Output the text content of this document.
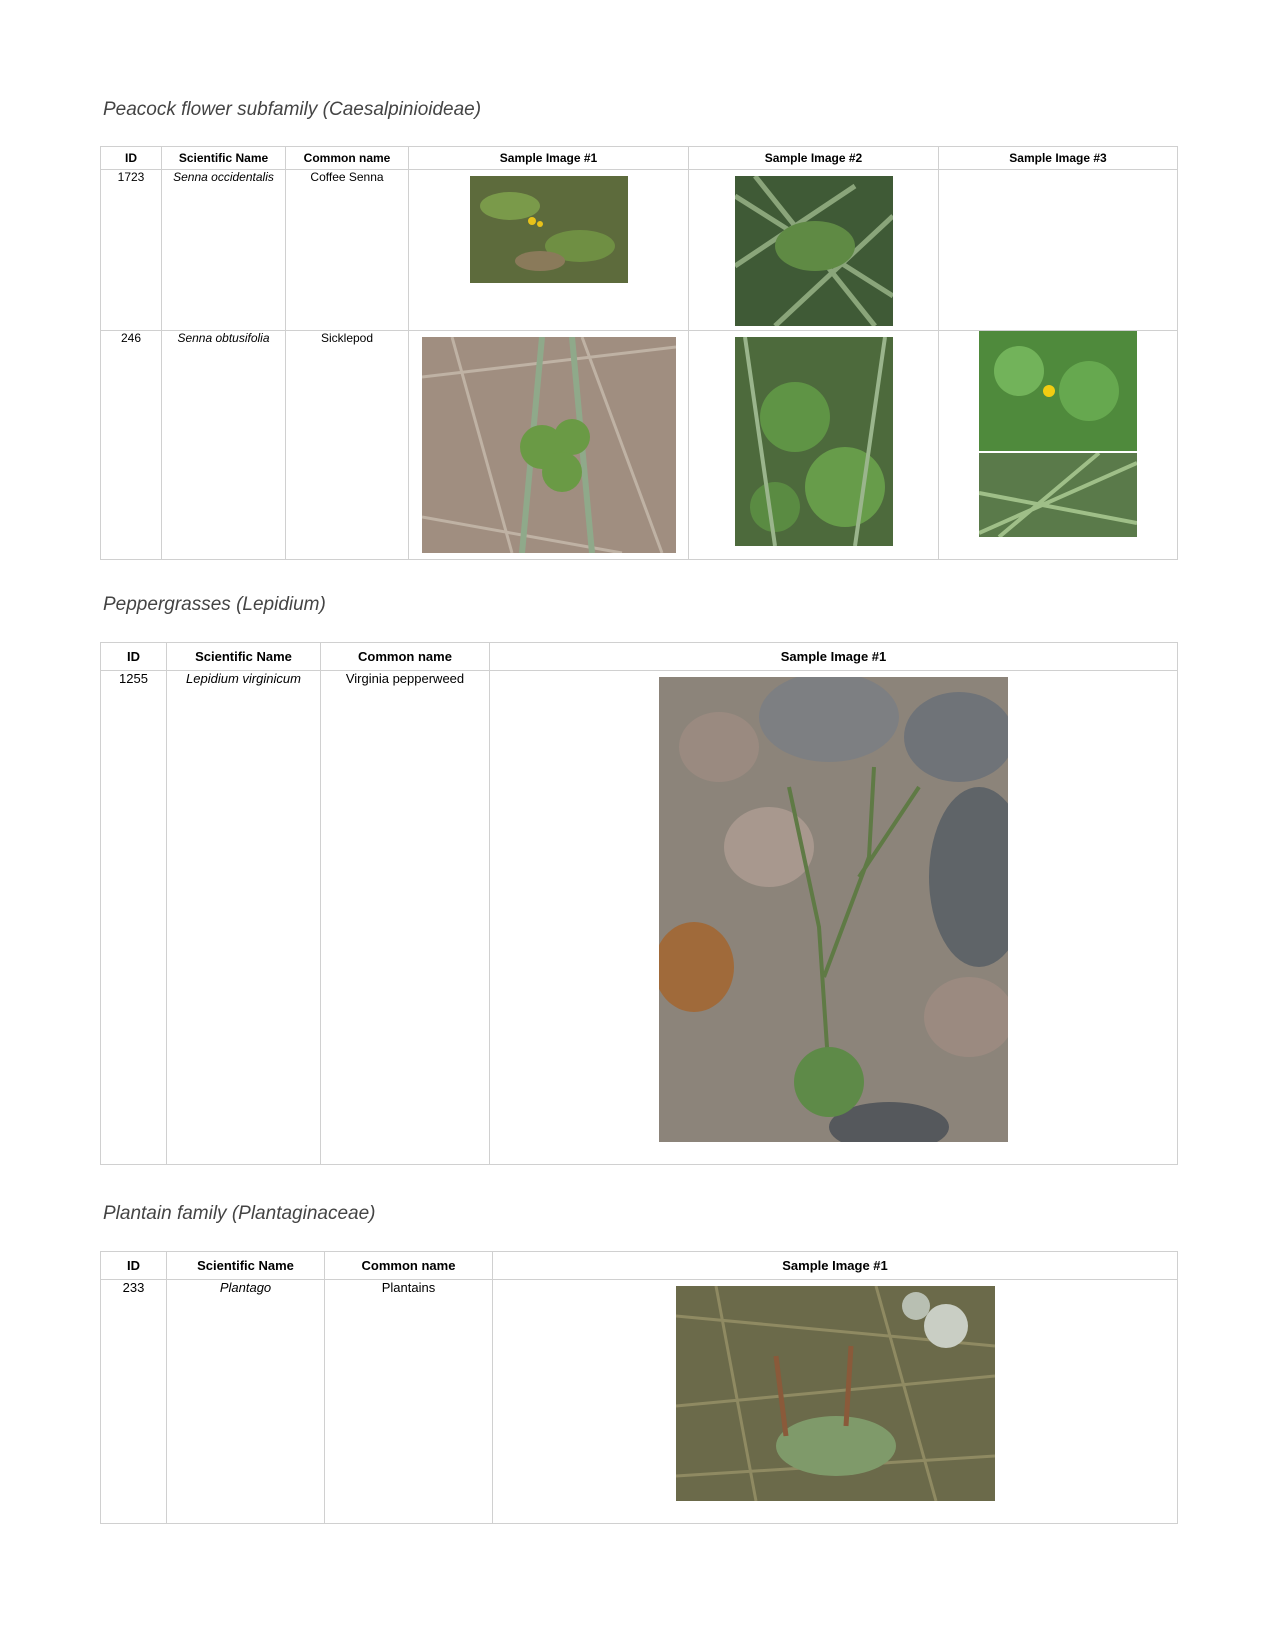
Peacock flower subfamily (Caesalpinioideae)
ID	Scientific Name	Common name	Sample Image #1	Sample Image #2	Sample Image #3
1723	Senna occidentalis	Coffee Senna	

246	Senna obtusifolia	Sicklepod	

Peppergrasses (Lepidium)
ID	Scientific Name	Common name	Sample Image #1
1255	Lepidium virginicum	Virginia pepperweed	
Plantain family (Plantaginaceae)
ID	Scientific Name	Common name	Sample Image #1
233	Plantago	Plantains	
